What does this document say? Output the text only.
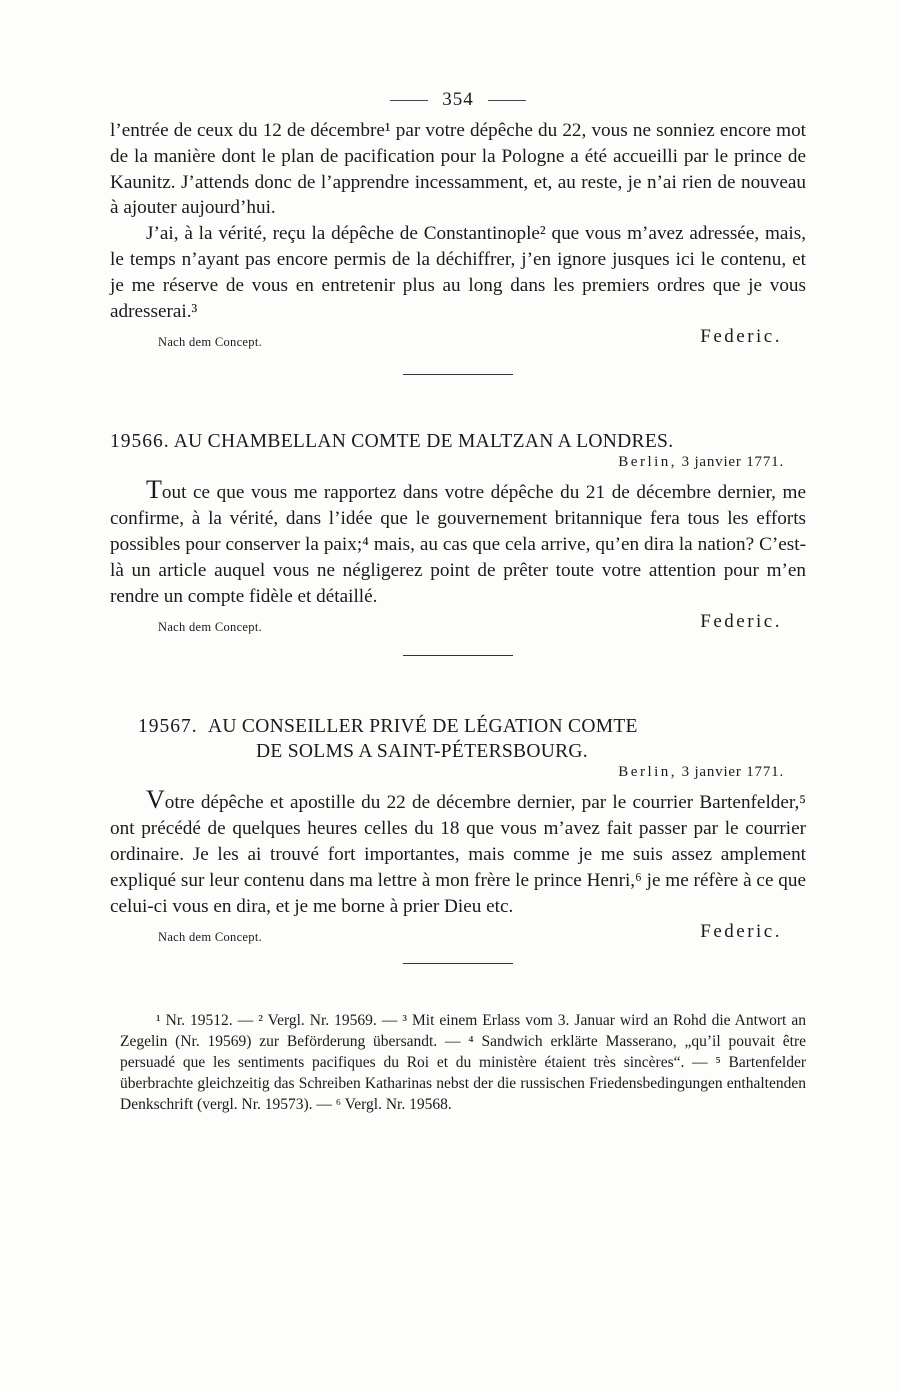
354

l’entrée de ceux du 12 de décembre¹ par votre dépêche du 22, vous ne sonniez encore mot de la manière dont le plan de pacification pour la Pologne a été accueilli par le prince de Kaunitz. J’attends donc de l’apprendre incessamment, et, au reste, je n’ai rien de nouveau à ajouter aujourd’hui.

J’ai, à la vérité, reçu la dépêche de Constantinople² que vous m’avez adressée, mais, le temps n’ayant pas encore permis de la déchiffrer, j’en ignore jusques ici le contenu, et je me réserve de vous en entretenir plus au long dans les premiers ordres que je vous adresserai.³

Nach dem Concept.	Federic.
19566. AU CHAMBELLAN COMTE DE MALTZAN A LONDRES.
Berlin, 3 janvier 1771.

Tout ce que vous me rapportez dans votre dépêche du 21 de décembre dernier, me confirme, à la vérité, dans l’idée que le gouvernement britannique fera tous les efforts possibles pour conserver la paix;⁴ mais, au cas que cela arrive, qu’en dira la nation? C’est-là un article auquel vous ne négligerez point de prêter toute votre attention pour m’en rendre un compte fidèle et détaillé.

Nach dem Concept.	Federic.
19567. AU CONSEILLER PRIVÉ DE LÉGATION COMTE
DE SOLMS A SAINT-PÉTERSBOURG.
Berlin, 3 janvier 1771.

Votre dépêche et apostille du 22 de décembre dernier, par le courrier Bartenfelder,⁵ ont précédé de quelques heures celles du 18 que vous m’avez fait passer par le courrier ordinaire. Je les ai trouvé fort importantes, mais comme je me suis assez amplement expliqué sur leur contenu dans ma lettre à mon frère le prince Henri,⁶ je me réfère à ce que celui-ci vous en dira, et je me borne à prier Dieu etc.

Nach dem Concept.	Federic.

¹ Nr. 19512. — ² Vergl. Nr. 19569. — ³ Mit einem Erlass vom 3. Januar wird an Rohd die Antwort an Zegelin (Nr. 19569) zur Beförderung übersandt. — ⁴ Sandwich erklärte Masserano, „qu’il pouvait être persuadé que les sentiments pacifiques du Roi et du ministère étaient très sincères“. — ⁵ Bartenfelder überbrachte gleichzeitig das Schreiben Katharinas nebst der die russischen Friedensbedingungen enthaltenden Denkschrift (vergl. Nr. 19573). — ⁶ Vergl. Nr. 19568.
